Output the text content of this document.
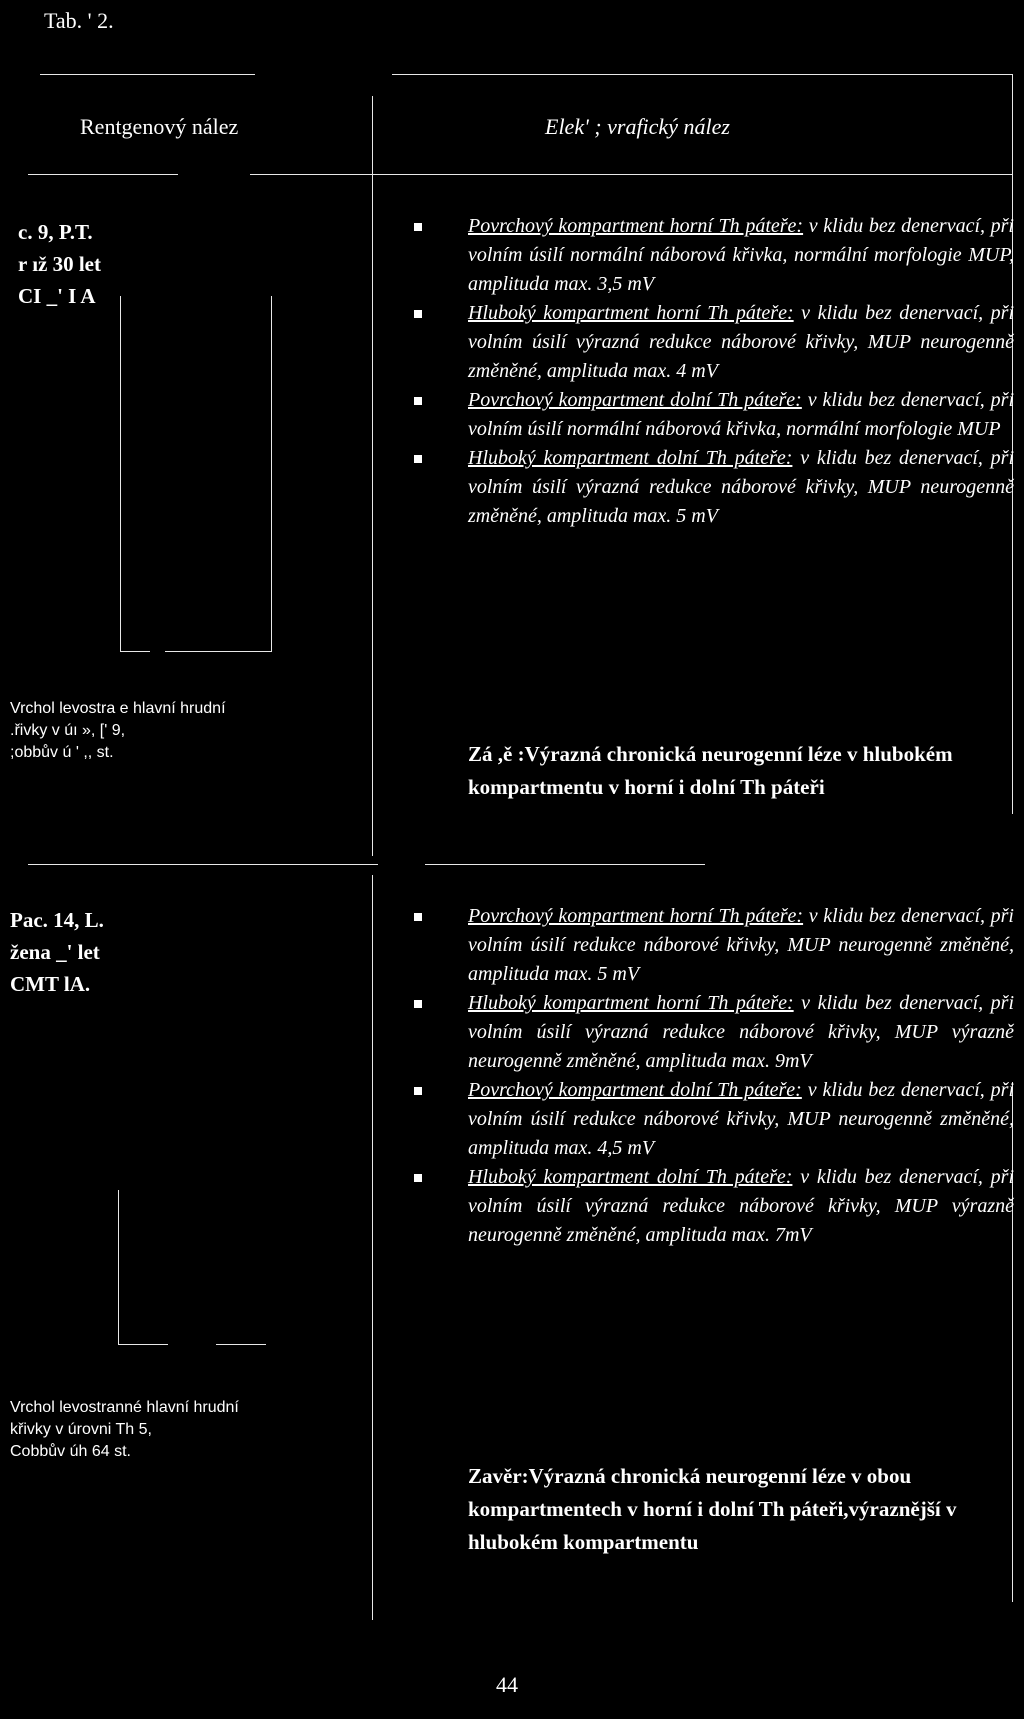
Tab. ' 2.
Rentgenový nález	Elek' ; vrafický nález
c. 9, P.T.
r ıž 30 let
CI _' I A
Vrchol levostra e hlavní hrudní
.řivky v úı », [' 9,
;obbův ú ' ,, st.

Povrchový kompartment horní Th páteře: v klidu bez denervací, při volním úsilí normální náborová křivka, normální morfologie MUP, amplituda max. 3,5 mV

Hluboký kompartment horní Th páteře: v klidu bez denervací, při volním úsilí výrazná redukce náborové křivky, MUP neurogenně změněné, amplituda max. 4 mV

Povrchový kompartment dolní Th páteře: v klidu bez denervací, při volním úsilí normální náborová křivka, normální morfologie MUP

Hluboký kompartment dolní Th páteře: v klidu bez denervací, při volním úsilí výrazná redukce náborové křivky, MUP neurogenně změněné, amplituda max. 5 mV

Zá ,ě :Výrazná chronická neurogenní léze v hlubokém kompartmentu v horní i dolní Th páteři

Pac. 14, L.
žena _' let
CMT lA.
Vrchol levostranné hlavní hrudní
křivky v úrovni Th 5,
Cobbův úh 64 st.

Povrchový kompartment horní Th páteře: v klidu bez denervací, při volním úsilí redukce náborové křivky, MUP neurogenně změněné, amplituda max. 5 mV

Hluboký kompartment horní Th páteře: v klidu bez denervací, při volním úsilí výrazná redukce náborové křivky, MUP výrazně neurogenně změněné, amplituda max. 9mV

Povrchový kompartment dolní Th páteře: v klidu bez denervací, při volním úsilí redukce náborové křivky, MUP neurogenně změněné, amplituda max. 4,5 mV

Hluboký kompartment dolní Th páteře: v klidu bez denervací, při volním úsilí výrazná redukce náborové křivky, MUP výrazně neurogenně změněné, amplituda max. 7mV

Zavěr:Výrazná chronická neurogenní léze v obou kompartmentech v horní i dolní Th páteři,výraznější v hlubokém kompartmentu

44
